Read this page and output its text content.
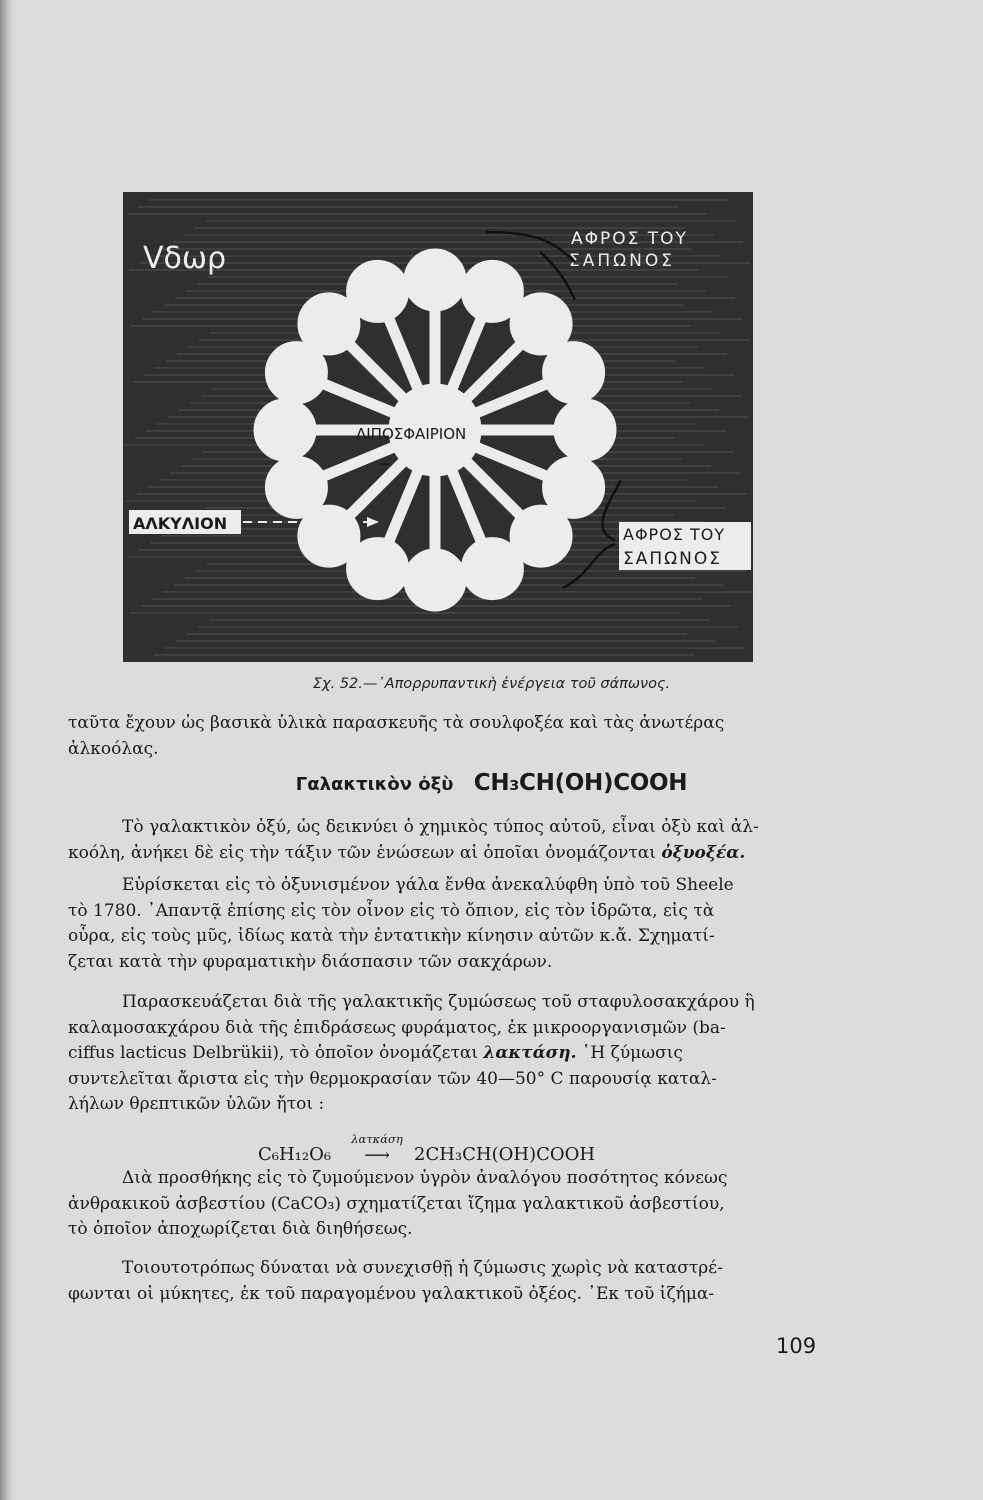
Vδωρ
ΑΦΡΟΣ ΤΟΥ
ΣΑΠΩΝΟΣ
ΛΙΠΟΣΦΑΙΡΙΟΝ
ΑΛΚΥΛΙΟΝ
ΑΦΡΟΣ ΤΟΥ
ΣΑΠΩΝΟΣ
Σχ. 52.—᾿Απορρυπαντικὴ ἐνέργεια τοῦ σάπωνος.

ταῦτα ἔχουν ὡς βασικὰ ὑλικὰ παρασκευῆς τὰ σουλφοξέα καὶ τὰς ἀνωτέρας

ἀλκοόλας.

Γαλακτικὸν ὀξὺ CH₃CH(OH)COOH

Τὸ γαλακτικὸν ὀξύ, ὡς δεικνύει ὁ χημικὸς τύπος αὐτοῦ, εἶναι ὀξὺ καὶ ἀλ-

κοόλη, ἀνήκει δὲ εἰς τὴν τάξιν τῶν ἑνώσεων αἱ ὁποῖαι ὀνομάζονται ὀξυοξέα.

Εὑρίσκεται εἰς τὸ ὀξυνισμένον γάλα ἔνθα ἀνεκαλύφθη ὑπὸ τοῦ Sheele

τὸ 1780. ᾿Απαντᾷ ἐπίσης εἰς τὸν οἶνον εἰς τὸ ὄπιον, εἰς τὸν ἱδρῶτα, εἰς τὰ

οὖρα, εἰς τοὺς μῦς, ἰδίως κατὰ τὴν ἐντατικὴν κίνησιν αὐτῶν κ.ἄ. Σχηματί-

ζεται κατὰ τὴν φυραματικὴν διάσπασιν τῶν σακχάρων.

Παρασκευάζεται διὰ τῆς γαλακτικῆς ζυμώσεως τοῦ σταφυλοσακχάρου ἢ

καλαμοσακχάρου διὰ τῆς ἐπιδράσεως φυράματος, ἐκ μικροοργανισμῶν (ba-

ciffus lacticus Delbrükii), τὸ ὁποῖον ὀνομάζεται λακτάση. ῾Η ζύμωσις

συντελεῖται ἄριστα εἰς τὴν θερμοκρασίαν τῶν 40—50° C παρουσίᾳ καταλ-

λήλων θρεπτικῶν ὑλῶν ἤτοι :

C₆H₁₂O₆
λατκάση
⟶	2CH₃CH(OH)COOH

Διὰ προσθήκης εἰς τὸ ζυμούμενον ὑγρὸν ἀναλόγου ποσότητος κόνεως

ἀνθρακικοῦ ἀσβεστίου (CaCO₃) σχηματίζεται ἴζημα γαλακτικοῦ ἀσβεστίου,

τὸ ὁποῖον ἀποχωρίζεται διὰ διηθήσεως.

Τοιουτοτρόπως δύναται νὰ συνεχισθῇ ἡ ζύμωσις χωρὶς νὰ καταστρέ-

φωνται οἱ μύκητες, ἐκ τοῦ παραγομένου γαλακτικοῦ ὀξέος. ᾿Εκ τοῦ ἰζήμα-

109
